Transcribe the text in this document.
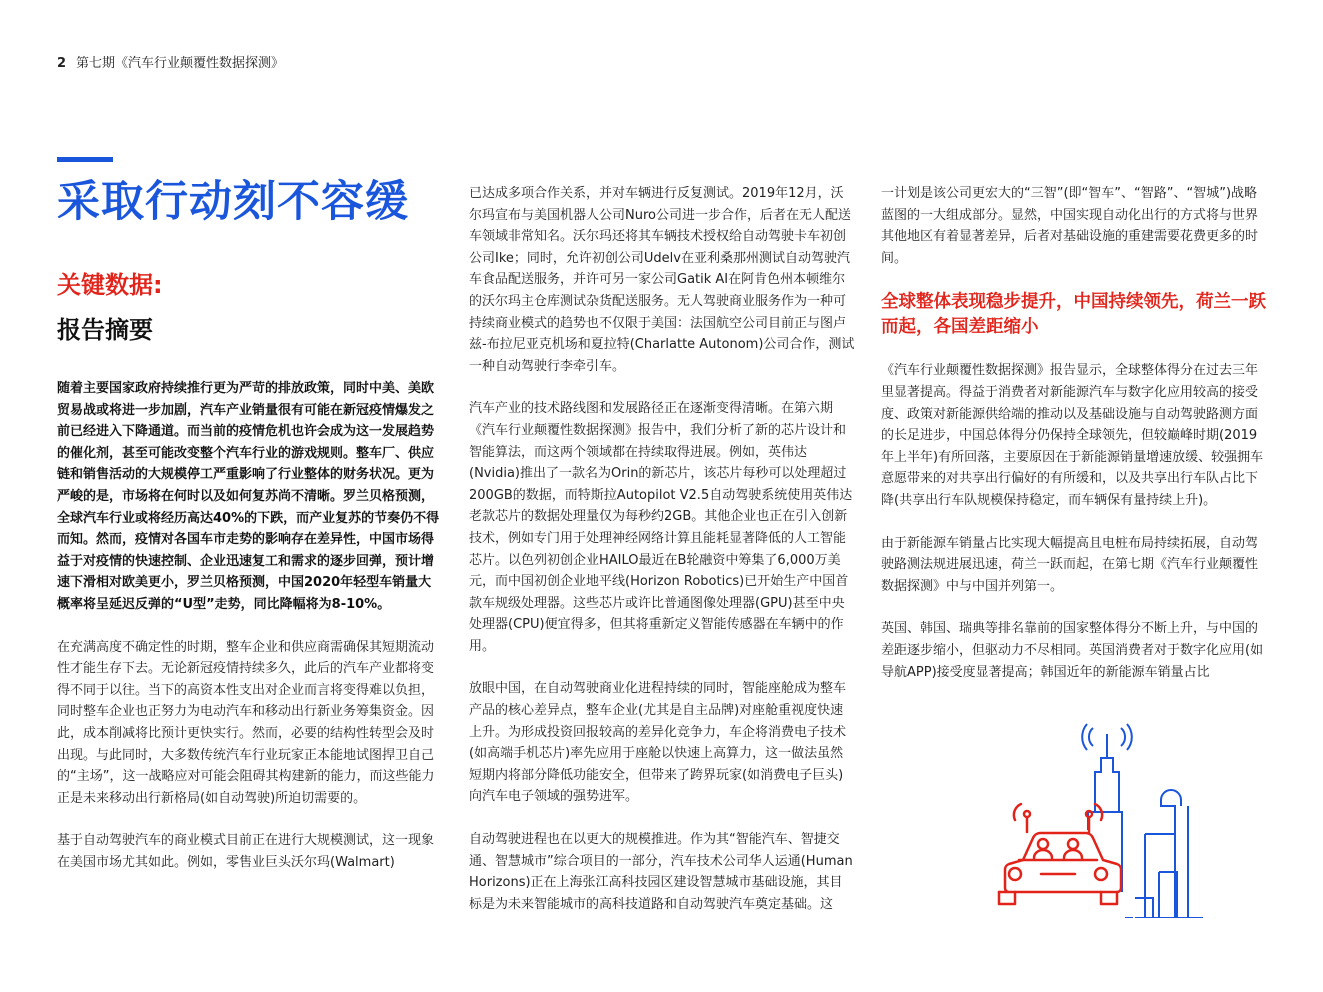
2 第七期《汽车行业颠覆性数据探测》
采取行动刻不容缓
关键数据:
报告摘要

随着主要国家政府持续推行更为严苛的排放政策，同时中美、美欧贸易战或将进一步加剧，汽车产业销量很有可能在新冠疫情爆发之前已经进入下降通道。而当前的疫情危机也许会成为这一发展趋势的催化剂，甚至可能改变整个汽车行业的游戏规则。整车厂、供应链和销售活动的大规模停工严重影响了行业整体的财务状况。更为严峻的是，市场将在何时以及如何复苏尚不清晰。罗兰贝格预测，全球汽车行业或将经历高达40%的下跌，而产业复苏的节奏仍不得而知。然而，疫情对各国车市走势的影响存在差异性，中国市场得益于对疫情的快速控制、企业迅速复工和需求的逐步回弹，预计增速下滑相对欧美更小，罗兰贝格预测，中国2020年轻型车销量大概率将呈延迟反弹的“U型”走势，同比降幅将为8-10%。

在充满高度不确定性的时期，整车企业和供应商需确保其短期流动性才能生存下去。无论新冠疫情持续多久，此后的汽车产业都将变得不同于以往。当下的高资本性支出对企业而言将变得难以负担，同时整车企业也正努力为电动汽车和移动出行新业务筹集资金。因此，成本削减将比预计更快实行。然而，必要的结构性转型会及时出现。与此同时，大多数传统汽车行业玩家正本能地试图捍卫自己的“主场”，这一战略应对可能会阻碍其构建新的能力，而这些能力正是未来移动出行新格局(如自动驾驶)所迫切需要的。

基于自动驾驶汽车的商业模式目前正在进行大规模测试，这一现象在美国市场尤其如此。例如，零售业巨头沃尔玛(Walmart)

已达成多项合作关系，并对车辆进行反复测试。2019年12月，沃尔玛宣布与美国机器人公司Nuro公司进一步合作，后者在无人配送车领域非常知名。沃尔玛还将其车辆技术授权给自动驾驶卡车初创公司Ike；同时，允许初创公司Udelv在亚利桑那州测试自动驾驶汽车食品配送服务，并许可另一家公司Gatik AI在阿肯色州本顿维尔的沃尔玛主仓库测试杂货配送服务。无人驾驶商业服务作为一种可持续商业模式的趋势也不仅限于美国：法国航空公司目前正与图卢兹-布拉尼亚克机场和夏拉特(Charlatte Autonom)公司合作，测试一种自动驾驶行李牵引车。

汽车产业的技术路线图和发展路径正在逐渐变得清晰。在第六期《汽车行业颠覆性数据探测》报告中，我们分析了新的芯片设计和智能算法，而这两个领域都在持续取得进展。例如，英伟达(Nvidia)推出了一款名为Orin的新芯片，该芯片每秒可以处理超过200GB的数据，而特斯拉Autopilot V2.5自动驾驶系统使用英伟达老款芯片的数据处理量仅为每秒约2GB。其他企业也正在引入创新技术，例如专门用于处理神经网络计算且能耗显著降低的人工智能芯片。以色列初创企业HAILO最近在B轮融资中筹集了6,000万美元，而中国初创企业地平线(Horizon Robotics)已开始生产中国首款车规级处理器。这些芯片或许比普通图像处理器(GPU)甚至中央处理器(CPU)便宜得多，但其将重新定义智能传感器在车辆中的作用。

放眼中国，在自动驾驶商业化进程持续的同时，智能座舱成为整车产品的核心差异点，整车企业(尤其是自主品牌)对座舱重视度快速上升。为形成投资回报较高的差异化竞争力，车企将消费电子技术(如高端手机芯片)率先应用于座舱以快速上高算力，这一做法虽然短期内将部分降低功能安全，但带来了跨界玩家(如消费电子巨头)向汽车电子领域的强势进军。

自动驾驶进程也在以更大的规模推进。作为其“智能汽车、智捷交通、智慧城市”综合项目的一部分，汽车技术公司华人运通(Human Horizons)正在上海张江高科技园区建设智慧城市基础设施，其目标是为未来智能城市的高科技道路和自动驾驶汽车奠定基础。这

一计划是该公司更宏大的“三智”(即“智车”、“智路”、“智城”)战略蓝图的一大组成部分。显然，中国实现自动化出行的方式将与世界其他地区有着显著差异，后者对基础设施的重建需要花费更多的时间。

全球整体表现稳步提升，中国持续领先，荷兰一跃而起，各国差距缩小

《汽车行业颠覆性数据探测》报告显示，全球整体得分在过去三年里显著提高。得益于消费者对新能源汽车与数字化应用较高的接受度、政策对新能源供给端的推动以及基础设施与自动驾驶路测方面的长足进步，中国总体得分仍保持全球领先，但较巅峰时期(2019年上半年)有所回落，主要原因在于新能源销量增速放缓、较强拥车意愿带来的对共享出行偏好的有所缓和，以及共享出行车队占比下降(共享出行车队规模保持稳定，而车辆保有量持续上升)。

由于新能源车销量占比实现大幅提高且电桩布局持续拓展，自动驾驶路测法规进展迅速，荷兰一跃而起，在第七期《汽车行业颠覆性数据探测》中与中国并列第一。

英国、韩国、瑞典等排名靠前的国家整体得分不断上升，与中国的差距逐步缩小，但驱动力不尽相同。英国消费者对于数字化应用(如导航APP)接受度显著提高；韩国近年的新能源车销量占比
